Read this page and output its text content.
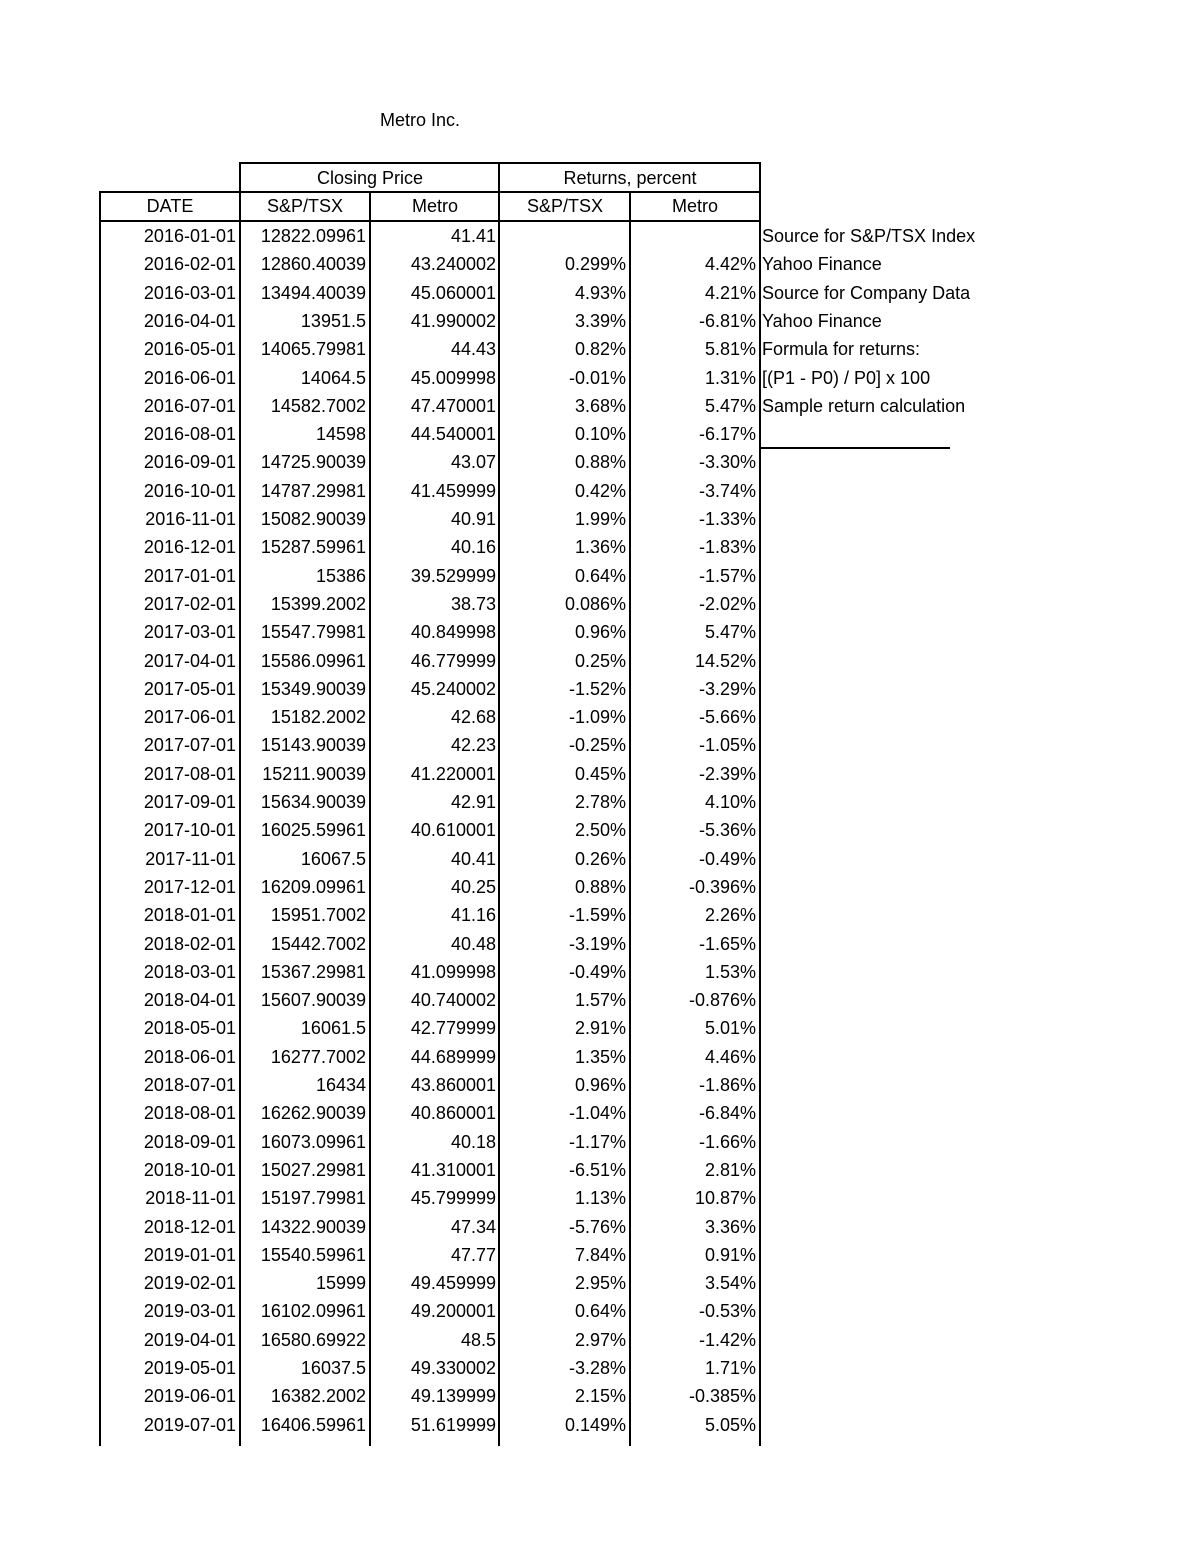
Metro Inc.
Closing Price	Returns, percent
DATE	S&P/TSX	Metro	S&P/TSX	Metro
Source for S&P/TSX Index
Yahoo Finance
Source for Company Data
Yahoo Finance
Formula for returns:
[(P1 - P0) / P0] x 100
Sample return calculation
2016-01-01	12822.09961	41.41
2016-02-01	12860.40039	43.240002	0.299%	4.42%
2016-03-01	13494.40039	45.060001	4.93%	4.21%
2016-04-01	13951.5	41.990002	3.39%	-6.81%
2016-05-01	14065.79981	44.43	0.82%	5.81%
2016-06-01	14064.5	45.009998	-0.01%	1.31%
2016-07-01	14582.7002	47.470001	3.68%	5.47%
2016-08-01	14598	44.540001	0.10%	-6.17%
2016-09-01	14725.90039	43.07	0.88%	-3.30%
2016-10-01	14787.29981	41.459999	0.42%	-3.74%
2016-11-01	15082.90039	40.91	1.99%	-1.33%
2016-12-01	15287.59961	40.16	1.36%	-1.83%
2017-01-01	15386	39.529999	0.64%	-1.57%
2017-02-01	15399.2002	38.73	0.086%	-2.02%
2017-03-01	15547.79981	40.849998	0.96%	5.47%
2017-04-01	15586.09961	46.779999	0.25%	14.52%
2017-05-01	15349.90039	45.240002	-1.52%	-3.29%
2017-06-01	15182.2002	42.68	-1.09%	-5.66%
2017-07-01	15143.90039	42.23	-0.25%	-1.05%
2017-08-01	15211.90039	41.220001	0.45%	-2.39%
2017-09-01	15634.90039	42.91	2.78%	4.10%
2017-10-01	16025.59961	40.610001	2.50%	-5.36%
2017-11-01	16067.5	40.41	0.26%	-0.49%
2017-12-01	16209.09961	40.25	0.88%	-0.396%
2018-01-01	15951.7002	41.16	-1.59%	2.26%
2018-02-01	15442.7002	40.48	-3.19%	-1.65%
2018-03-01	15367.29981	41.099998	-0.49%	1.53%
2018-04-01	15607.90039	40.740002	1.57%	-0.876%
2018-05-01	16061.5	42.779999	2.91%	5.01%
2018-06-01	16277.7002	44.689999	1.35%	4.46%
2018-07-01	16434	43.860001	0.96%	-1.86%
2018-08-01	16262.90039	40.860001	-1.04%	-6.84%
2018-09-01	16073.09961	40.18	-1.17%	-1.66%
2018-10-01	15027.29981	41.310001	-6.51%	2.81%
2018-11-01	15197.79981	45.799999	1.13%	10.87%
2018-12-01	14322.90039	47.34	-5.76%	3.36%
2019-01-01	15540.59961	47.77	7.84%	0.91%
2019-02-01	15999	49.459999	2.95%	3.54%
2019-03-01	16102.09961	49.200001	0.64%	-0.53%
2019-04-01	16580.69922	48.5	2.97%	-1.42%
2019-05-01	16037.5	49.330002	-3.28%	1.71%
2019-06-01	16382.2002	49.139999	2.15%	-0.385%
2019-07-01	16406.59961	51.619999	0.149%	5.05%
